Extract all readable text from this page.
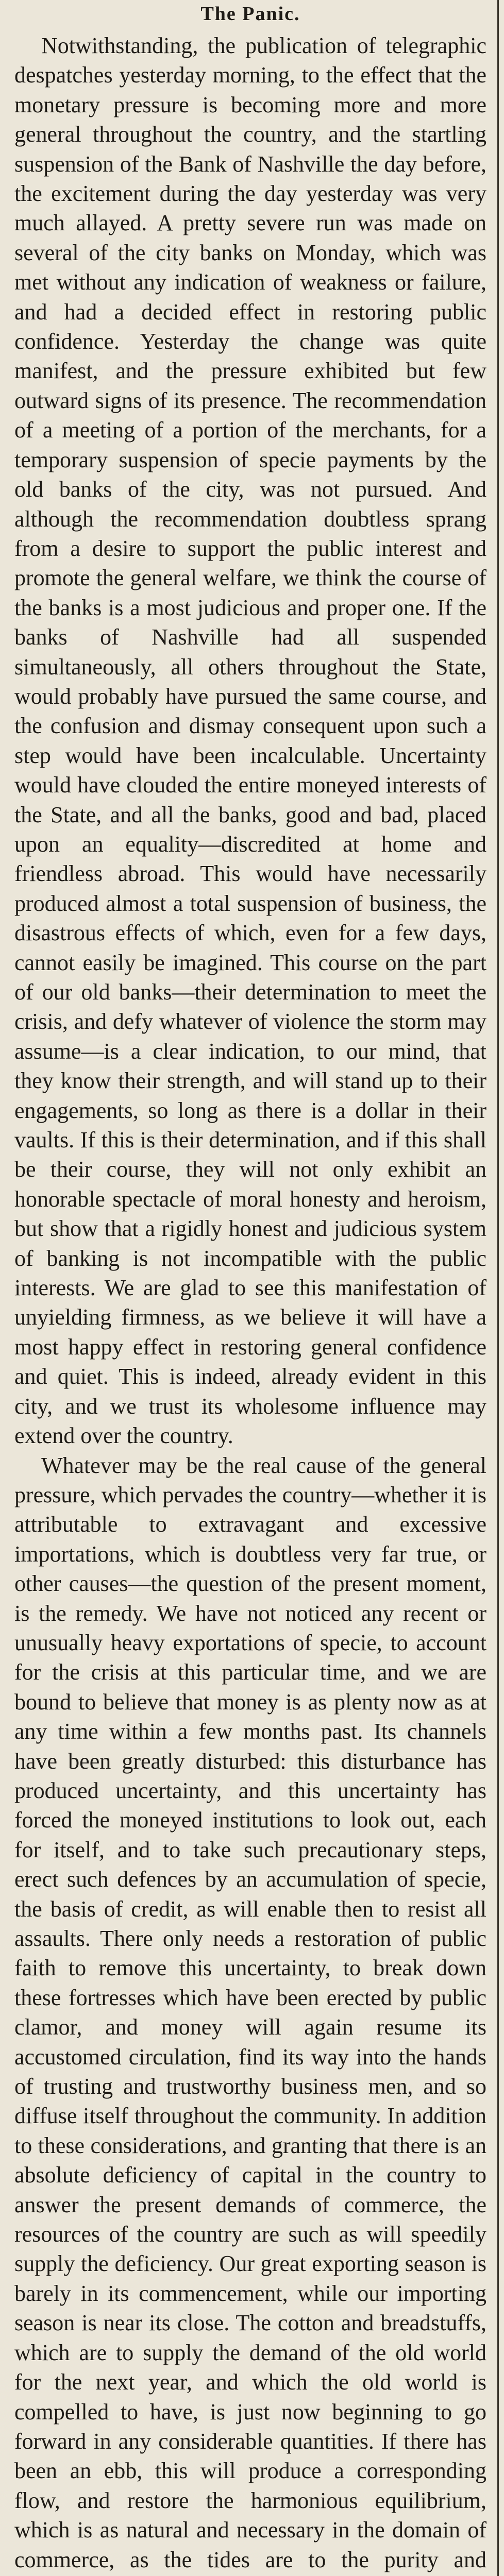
The Panic.

Notwithstanding, the publication of telegraphic despatches yesterday morning, to the effect that the monetary pressure is becoming more and more general throughout the country, and the startling suspension of the Bank of Nashville the day before, the excitement during the day yesterday was very much allayed. A pretty severe run was made on several of the city banks on Monday, which was met without any indication of weakness or failure, and had a decided effect in restoring public confidence. Yesterday the change was quite manifest, and the pressure exhibited but few outward signs of its presence. The recommendation of a meeting of a portion of the merchants, for a temporary suspension of specie payments by the old banks of the city, was not pursued. And although the recommendation doubtless sprang from a desire to support the public interest and promote the general welfare, we think the course of the banks is a most judicious and proper one. If the banks of Nashville had all suspended simultaneously, all others throughout the State, would probably have pursued the same course, and the confusion and dismay consequent upon such a step would have been incalculable. Uncertainty would have clouded the entire moneyed interests of the State, and all the banks, good and bad, placed upon an equality—discredited at home and friendless abroad. This would have necessarily produced almost a total suspension of business, the disastrous effects of which, even for a few days, cannot easily be imagined. This course on the part of our old banks—their determination to meet the crisis, and defy whatever of violence the storm may assume—is a clear indication, to our mind, that they know their strength, and will stand up to their engagements, so long as there is a dollar in their vaults. If this is their determination, and if this shall be their course, they will not only exhibit an honorable spectacle of moral honesty and heroism, but show that a rigidly honest and judicious system of banking is not incompatible with the public interests. We are glad to see this manifestation of unyielding firmness, as we believe it will have a most happy effect in restoring general confidence and quiet. This is indeed, already evident in this city, and we trust its wholesome influence may extend over the country.

Whatever may be the real cause of the general pressure, which pervades the country—whether it is attributable to extravagant and excessive importations, which is doubtless very far true, or other causes—the question of the present moment, is the remedy. We have not noticed any recent or unusually heavy exportations of specie, to account for the crisis at this particular time, and we are bound to believe that money is as plenty now as at any time within a few months past. Its channels have been greatly disturbed: this disturbance has produced uncertainty, and this uncertainty has forced the moneyed institutions to look out, each for itself, and to take such precautionary steps, erect such defences by an accumulation of specie, the basis of credit, as will enable then to resist all assaults. There only needs a restoration of public faith to remove this uncertainty, to break down these fortresses which have been erected by public clamor, and money will again resume its accustomed circulation, find its way into the hands of trusting and trustworthy business men, and so diffuse itself throughout the community. In addition to these considerations, and granting that there is an absolute deficiency of capital in the country to answer the present demands of commerce, the resources of the country are such as will speedily supply the deficiency. Our great exporting season is barely in its commencement, while our importing season is near its close. The cotton and breadstuffs, which are to supply the demand of the old world for the next year, and which the old world is compelled to have, is just now beginning to go forward in any considerable quantities. If there has been an ebb, this will produce a corresponding flow, and restore the harmonious equilibrium, which is as natural and necessary in the domain of commerce, as the tides are to the purity and
